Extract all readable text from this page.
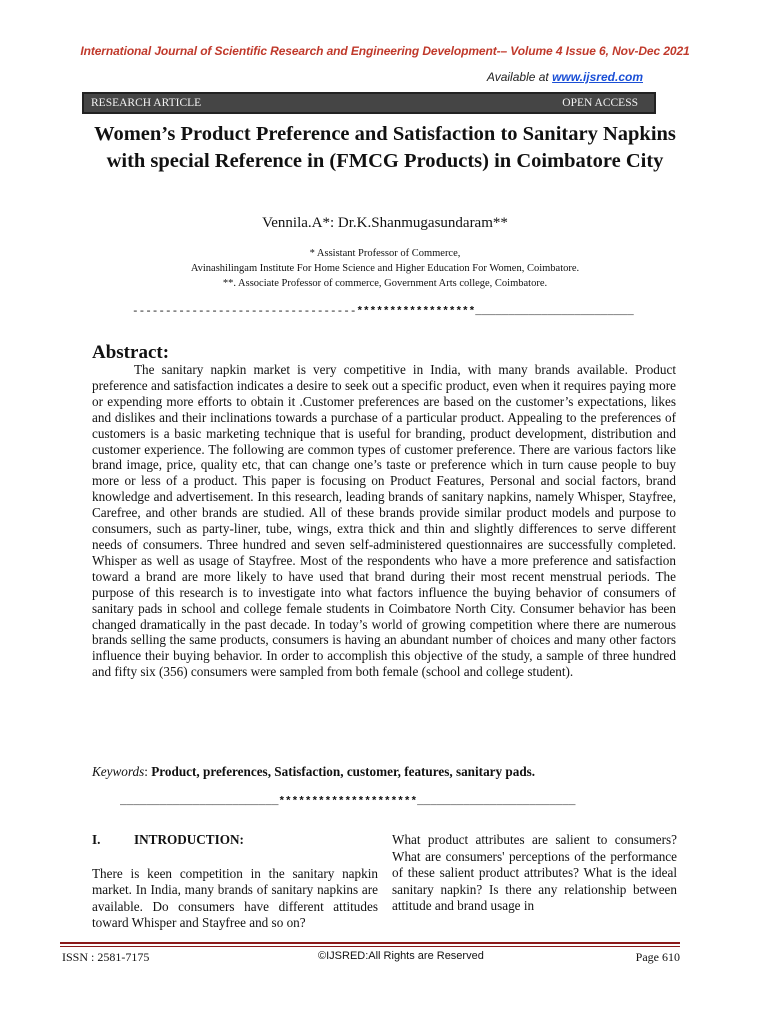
International Journal of Scientific Research and Engineering Development-– Volume 4 Issue 6, Nov-Dec 2021
Available at www.ijsred.com
RESEARCH ARTICLE	OPEN ACCESS
Women’s Product Preference and Satisfaction to Sanitary Napkins with special Reference in (FMCG Products) in Coimbatore City
Vennila.A*: Dr.K.Shanmugasundaram**
* Assistant Professor of Commerce,
Avinashilingam Institute For Home Science and Higher Education For Women, Coimbatore.
**. Associate Professor of commerce, Government Arts college, Coimbatore.
----------------------------------******************________________________
Abstract:
The sanitary napkin market is very competitive in India, with many brands available. Product preference and satisfaction indicates a desire to seek out a specific product, even when it requires paying more or expending more efforts to obtain it .Customer preferences are based on the customer’s expectations, likes and dislikes and their inclinations towards a purchase of a particular product. Appealing to the preferences of customers is a basic marketing technique that is useful for branding, product development, distribution and customer experience. The following are common types of customer preference. There are various factors like brand image, price, quality etc, that can change one’s taste or preference which in turn cause people to buy more or less of a product. This paper is focusing on Product Features, Personal and social factors, brand knowledge and advertisement. In this research, leading brands of sanitary napkins, namely Whisper, Stayfree, Carefree, and other brands are studied. All of these brands provide similar product models and purpose to consumers, such as party-liner, tube, wings, extra thick and thin and slightly differences to serve different needs of consumers. Three hundred and seven self-administered questionnaires are successfully completed. Whisper as well as usage of Stayfree. Most of the respondents who have a more preference and satisfaction toward a brand are more likely to have used that brand during their most recent menstrual periods. The purpose of this research is to investigate into what factors influence the buying behavior of consumers of sanitary pads in school and college female students in Coimbatore North City. Consumer behavior has been changed dramatically in the past decade. In today’s world of growing competition where there are numerous brands selling the same products, consumers is having an abundant number of choices and many other factors influence their buying behavior. In order to accomplish this objective of the study, a sample of three hundred and fifty six (356) consumers were sampled from both female (school and college student).
Keywords: Product, preferences, Satisfaction, customer, features, sanitary pads.
________________________*********************________________________
I.	INTRODUCTION:

There is keen competition in the sanitary napkin market. In India, many brands of sanitary napkins are available. Do consumers have different attitudes toward Whisper and Stayfree and so on?

What product attributes are salient to consumers? What are consumers' perceptions of the performance of these salient product attributes? What is the ideal sanitary napkin? Is there any relationship between attitude and brand usage in

ISSN : 2581-7175	©IJSRED:All Rights are Reserved	Page 610
